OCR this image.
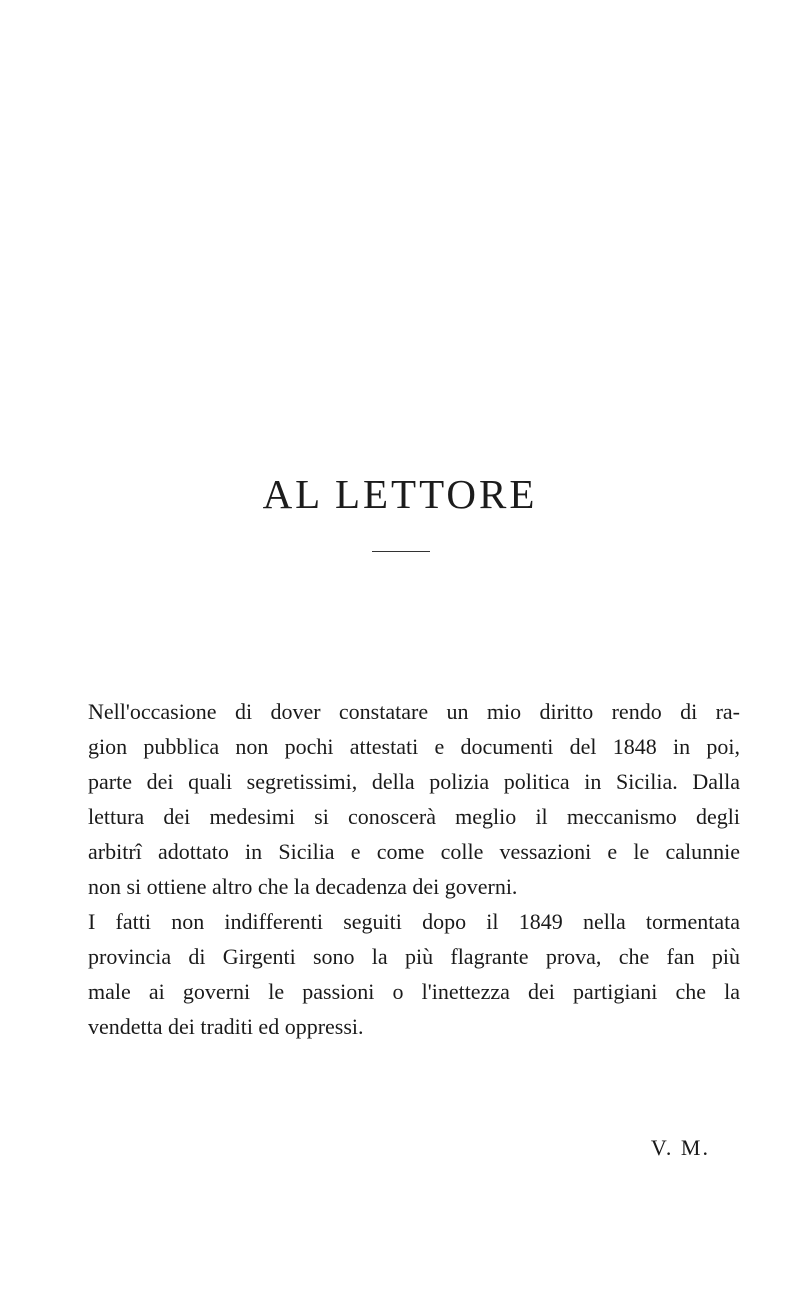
AL LETTORE

Nell'occasione di dover constatare un mio diritto rendo di ra-
gion pubblica non pochi attestati e documenti del 1848 in poi,
parte dei quali segretissimi, della polizia politica in Sicilia. Dalla
lettura dei medesimi si conoscerà meglio il meccanismo degli
arbitrî adottato in Sicilia e come colle vessazioni e le calunnie
non si ottiene altro che la decadenza dei governi.

I fatti non indifferenti seguiti dopo il 1849 nella tormentata
provincia di Girgenti sono la più flagrante prova, che fan più
male ai governi le passioni o l'inettezza dei partigiani che la
vendetta dei traditi ed oppressi.

V. M.
